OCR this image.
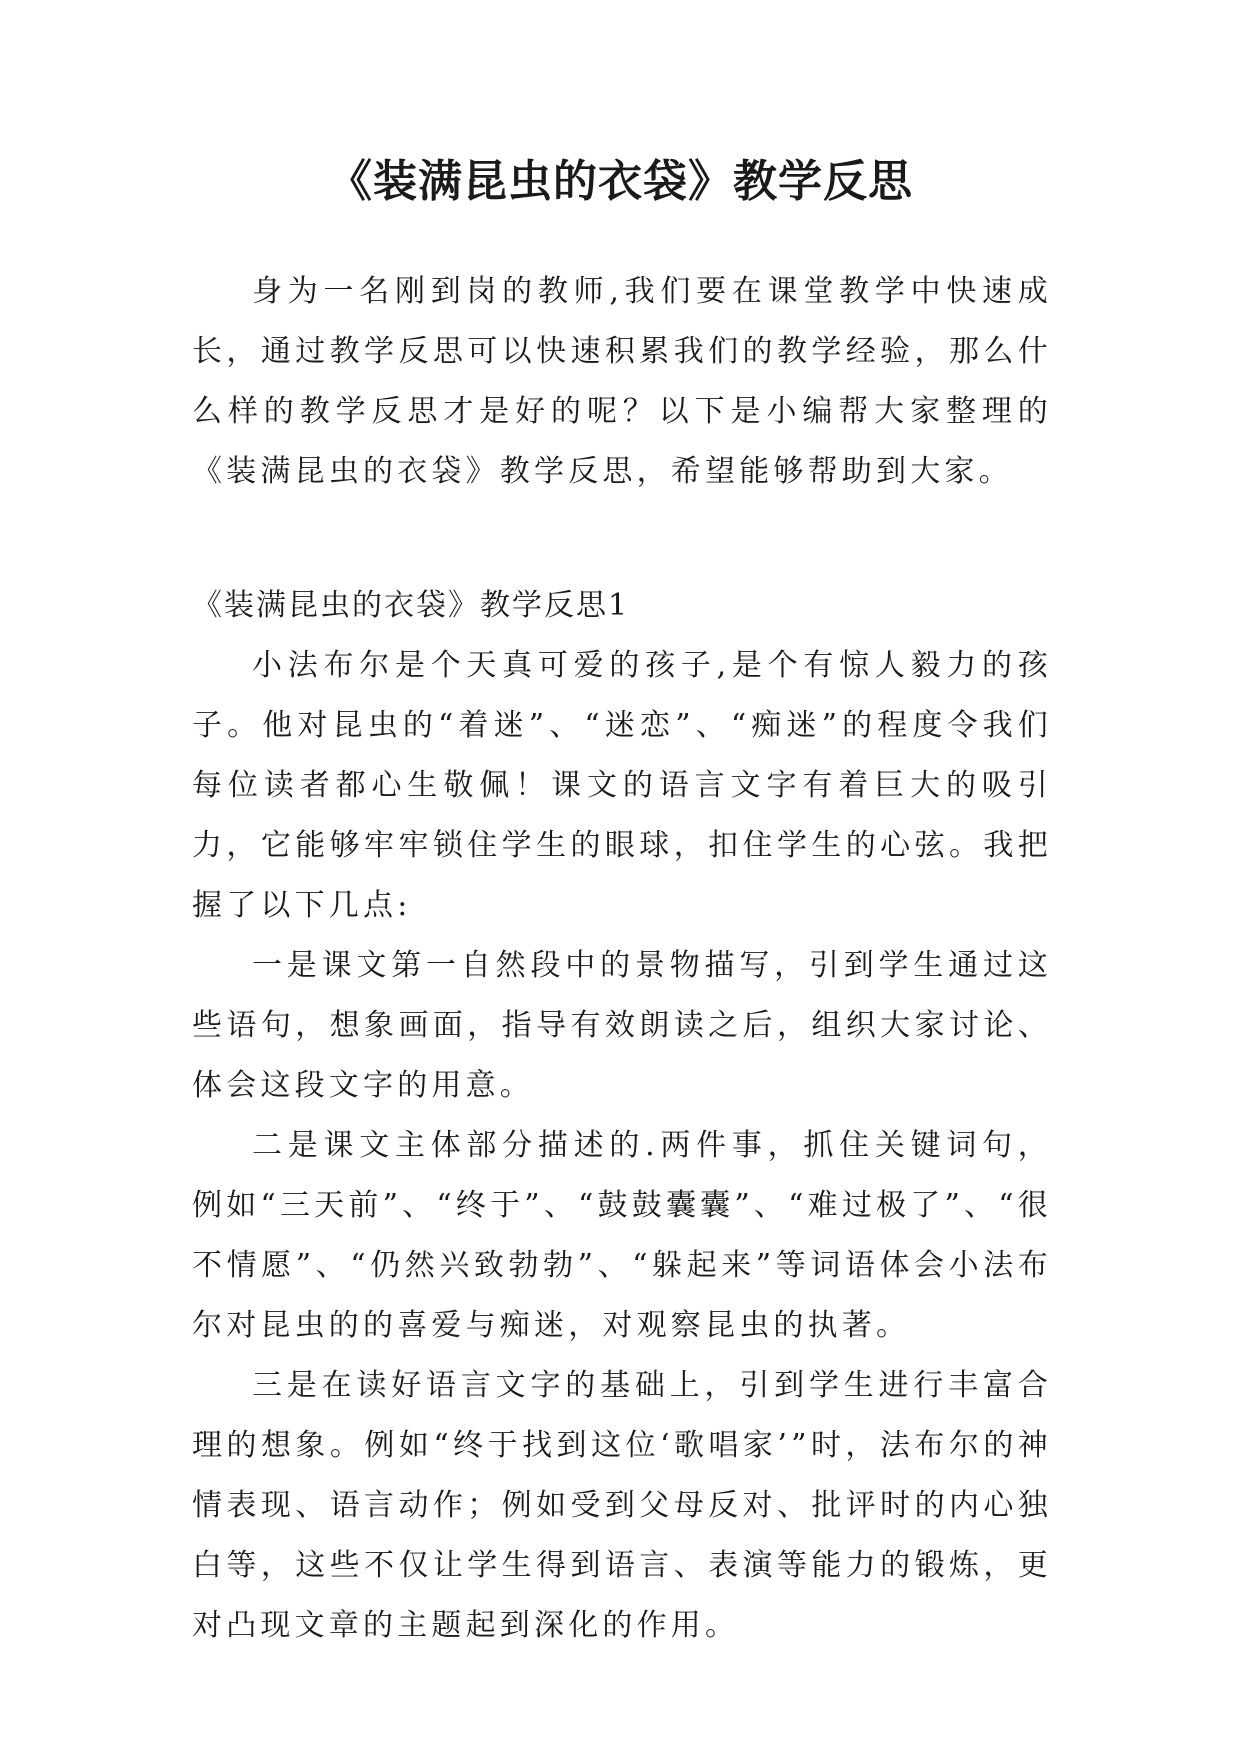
《装满昆虫的衣袋》教学反思

身为一名刚到岗的教师,我们要在课堂教学中快速成长，通过教学反思可以快速积累我们的教学经验，那么什么样的教学反思才是好的呢？以下是小编帮大家整理的《装满昆虫的衣袋》教学反思，希望能够帮助到大家。

《装满昆虫的衣袋》教学反思1

小法布尔是个天真可爱的孩子,是个有惊人毅力的孩子。他对昆虫的“着迷”、“迷恋”、“痴迷”的程度令我们每位读者都心生敬佩！课文的语言文字有着巨大的吸引力，它能够牢牢锁住学生的眼球，扣住学生的心弦。我把握了以下几点:

一是课文第一自然段中的景物描写，引到学生通过这些语句，想象画面，指导有效朗读之后，组织大家讨论、体会这段文字的用意。

二是课文主体部分描述的.两件事，抓住关键词句，例如“三天前”、“终于”、“鼓鼓囊囊”、“难过极了”、“很不情愿”、“仍然兴致勃勃”、“躲起来”等词语体会小法布尔对昆虫的的喜爱与痴迷，对观察昆虫的执著。

三是在读好语言文字的基础上，引到学生进行丰富合理的想象。例如“终于找到这位‘歌唱家’”时，法布尔的神情表现、语言动作；例如受到父母反对、批评时的内心独白等，这些不仅让学生得到语言、表演等能力的锻炼，更对凸现文章的主题起到深化的作用。
